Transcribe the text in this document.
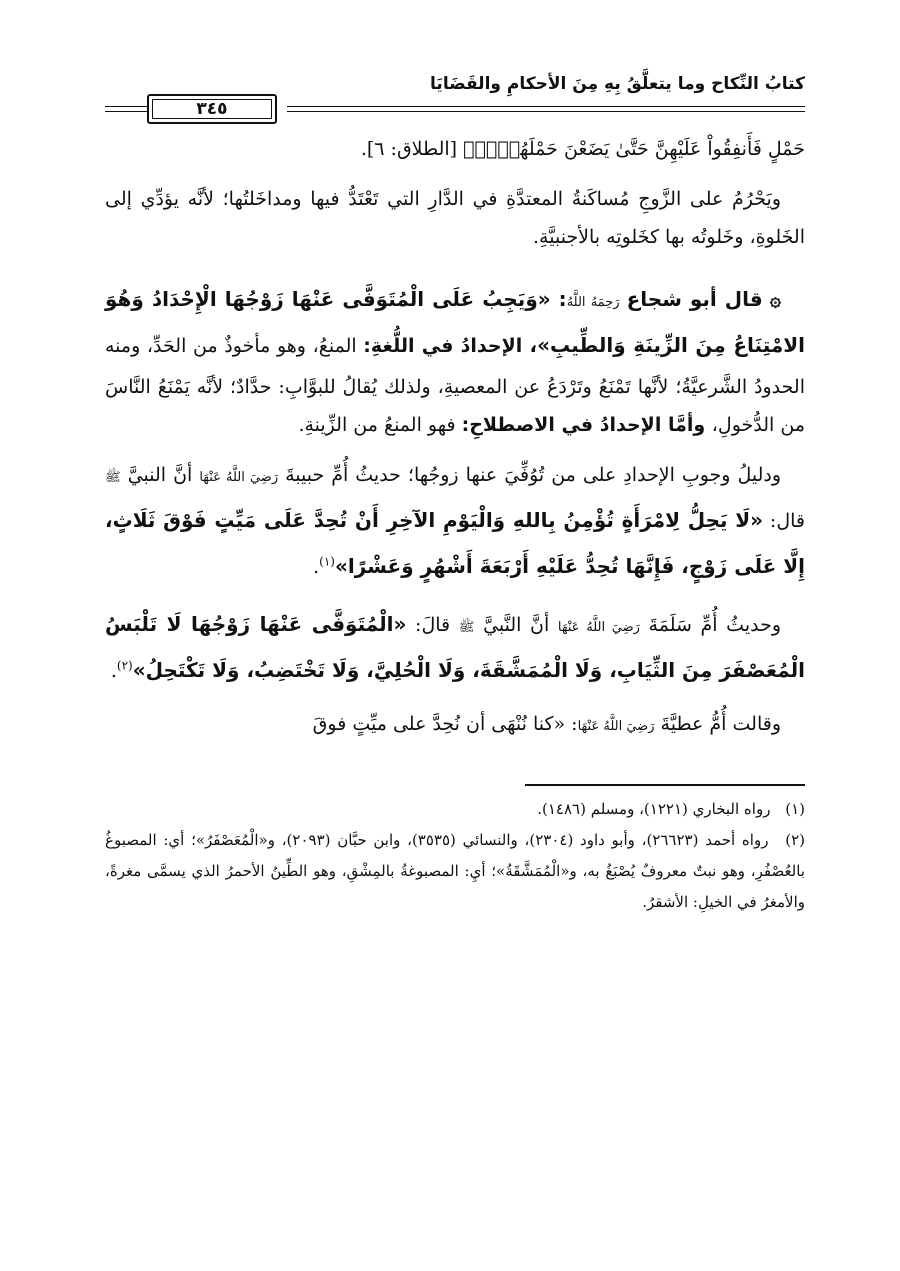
كتابُ النِّكاح وما يتعلَّقُ بِهِ مِنَ الأحكامِ والقَضَايَا
٣٤٥

حَمْلٍ فَأَنفِقُواْ عَلَيْهِنَّ حَتَّىٰ يَضَعْنَ حَمْلَهُنَّۚ﴾ [الطلاق: ٦].

ويَحْرُمُ على الزَّوجِ مُساكَنةُ المعتدَّةِ في الدَّارِ التي تَعْتَدُّ فيها ومداخَلتُها؛ لأنَّه يؤدِّي إلى الخَلوةِ، وخَلوتُه بها كخَلوتِه بالأجنبيَّةِ.

۞ قال أبو شجاع رَحِمَهُ اللَّهُ: «وَيَجِبُ عَلَى الْمُتَوَفَّى عَنْهَا زَوْجُهَا الْإِحْدَادُ وَهُوَ الامْتِنَاعُ مِنَ الزِّينَةِ وَالطِّيبِ»، الإحدادُ في اللُّغةِ: المنعُ، وهو مأخوذٌ من الحَدِّ، ومنه الحدودُ الشَّرعيَّةُ؛ لأنَّها تَمْنَعُ وتَرْدَعُ عن المعصيةِ، ولذلك يُقالُ للبوَّابِ: حدَّادٌ؛ لأنَّه يَمْنَعُ النَّاسَ من الدُّخولِ، وأمَّا الإحدادُ في الاصطلاحِ: فهو المنعُ من الزِّينةِ.

ودليلُ وجوبِ الإحدادِ على من تُوُفِّيَ عنها زوجُها؛ حديثُ أُمِّ حبيبةَ رَضِيَ اللَّهُ عَنْهَا أنَّ النبيَّ ﷺ قال: «لَا يَحِلُّ لِامْرَأَةٍ تُؤْمِنُ بِاللهِ وَالْيَوْمِ الآخِرِ أَنْ تُحِدَّ عَلَى مَيِّتٍ فَوْقَ ثَلَاثٍ، إِلَّا عَلَى زَوْجٍ، فَإِنَّهَا تُحِدُّ عَلَيْهِ أَرْبَعَةَ أَشْهُرٍ وَعَشْرًا»$^{(١)}$.

وحديثُ أُمِّ سَلَمَةَ رَضِيَ اللَّهُ عَنْهَا أنَّ النَّبيَّ ﷺ قالَ: «الْمُتَوَفَّى عَنْهَا زَوْجُهَا لَا تَلْبَسُ الْمُعَصْفَرَ مِنَ الثِّيَابِ، وَلَا الْمُمَشَّقَةَ، وَلَا الْحُلِيَّ، وَلَا تَخْتَضِبُ، وَلَا تَكْتَحِلُ»$^{(٢)}$.

وقالت أُمُّ عطيَّةَ رَضِيَ اللَّهُ عَنْهَا: «كنا نُنْهَى أن نُحِدَّ على ميِّتٍ فوقَ

(١) رواه البخاري (١٢٢١)، ومسلم (١٤٨٦).

(٢) رواه أحمد (٢٦٦٢٣)، وأبو داود (٢٣٠٤)، والنسائي (٣٥٣٥)، وابن حبَّان (٢٠٩٣)، و«الْمُعَصْفَرُ»؛ أي: المصبوغُ بالعُصْفُرِ، وهو نبتٌ معروفٌ يُصْبَغُ به، و«الْمُمَشَّقَةُ»؛ أيِ: المصبوغةُ بالمِشْقِ، وهو الطِّينُ الأحمرُ الذي يسمَّى مغرةً، والأمغرُ في الخيلِ: الأشقرُ.
